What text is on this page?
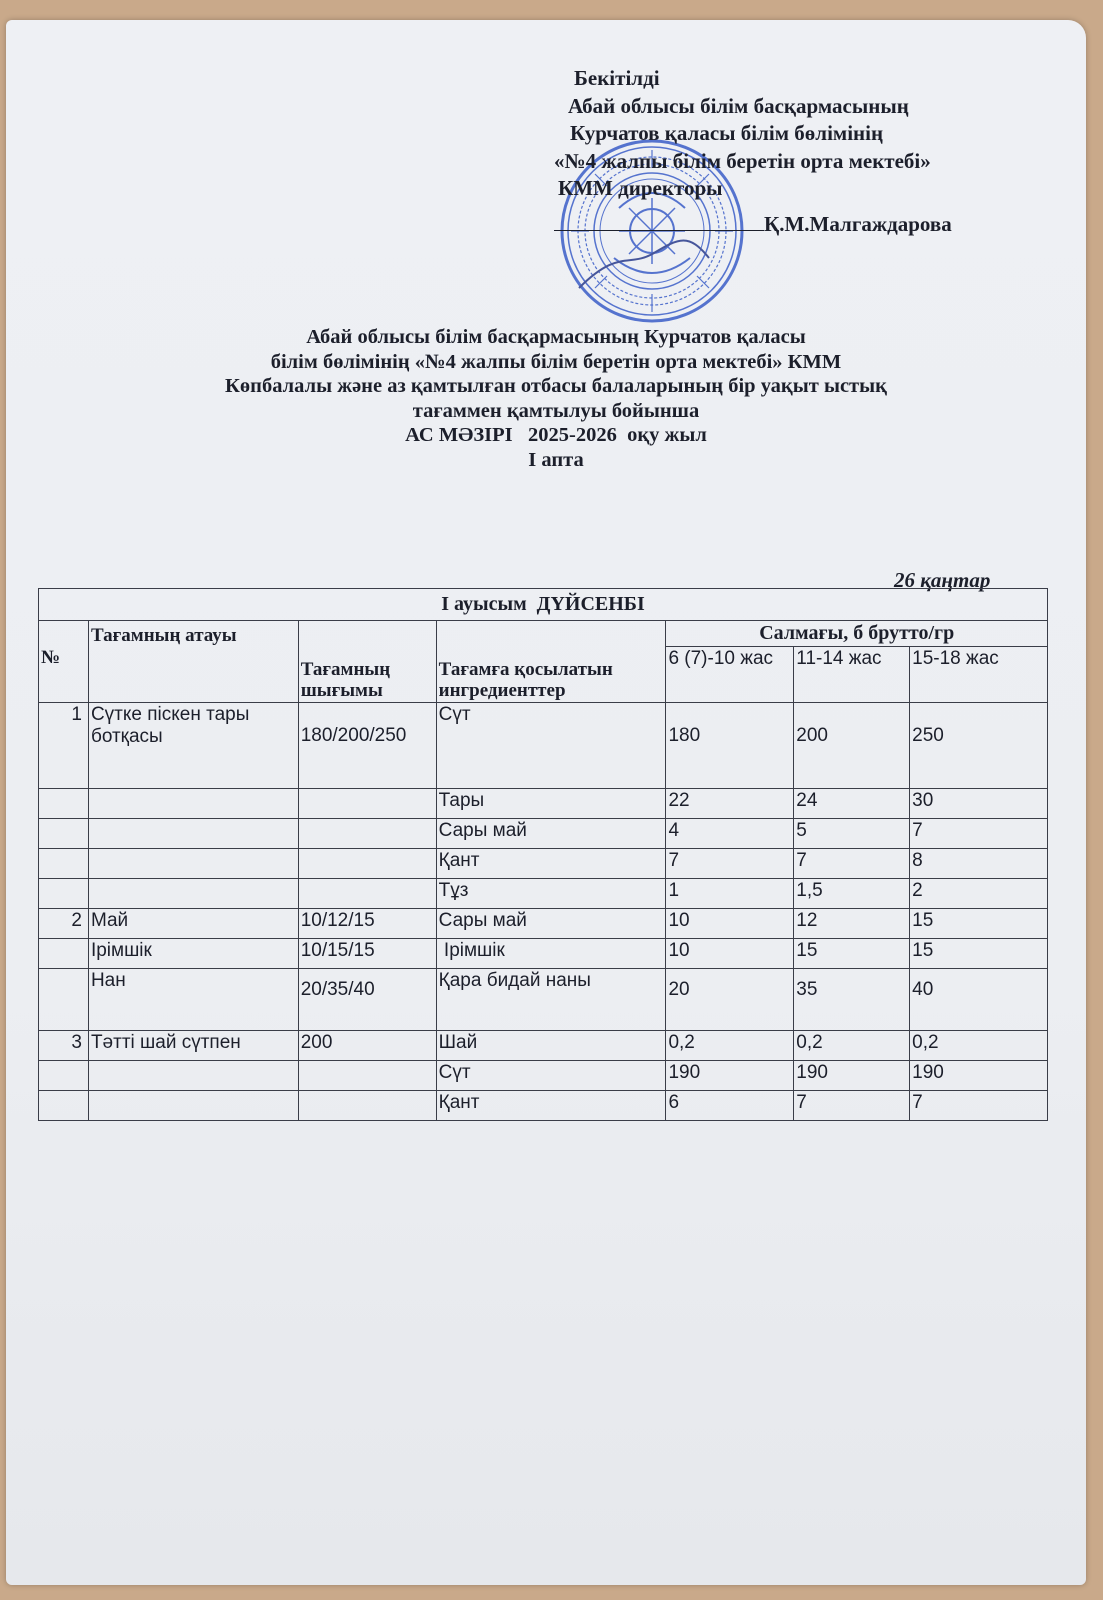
Бекітілді
Абай облысы білім басқармасының
Курчатов қаласы білім бөлімінің
«№4 жалпы білім беретін орта мектебі»
КММ директоры
Қ.М.Малгаждарова
Абай облысы білім басқармасының Курчатов қаласы
білім бөлімінің «№4 жалпы білім беретін орта мектебі» КММ
Көпбалалы және аз қамтылған отбасы балаларының бір уақыт ыстық
тағаммен қамтылуы бойынша
АС МӘЗІРІ   2025-2026  оқу жыл
І апта
26 қаңтар
І ауысым  ДҮЙСЕНБІ						
№	Тағамның атауы	Тағамның шығымы	Тағамға қосылатын ингредиенттер	Салмағы, б брутто/гр		
				6 (7)-10 жас	11-14 жас	15-18 жас
1	Сүтке піскен тары ботқасы	180/200/250	Сүт	180	200	250
			Тары	22	24	30
			Сары май	4	5	7
			Қант	7	7	8
			Тұз	1	1,5	2
2	Май	10/12/15	Сары май	10	12	15
	Ірімшік	10/15/15	Ірімшік	10	15	15
	Нан	20/35/40	Қара бидай наны	20	35	40
3	Тәтті шай сүтпен	200	Шай	0,2	0,2	0,2
			Сүт	190	190	190
			Қант	6	7	7
